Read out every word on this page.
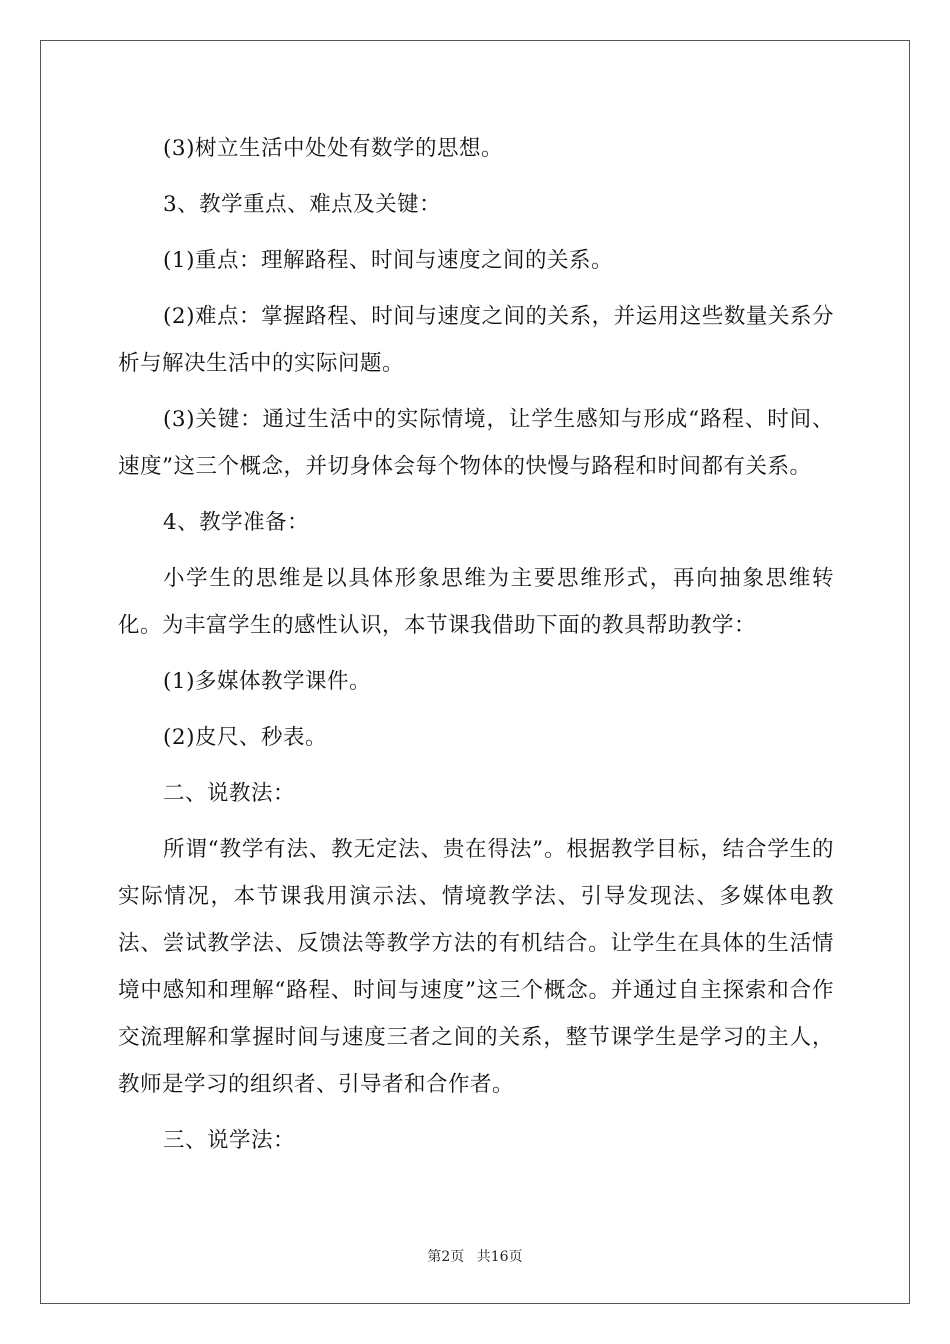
(3)树立生活中处处有数学的思想。

3、教学重点、难点及关键：

(1)重点：理解路程、时间与速度之间的关系。

(2)难点：掌握路程、时间与速度之间的关系，并运用这些数量关系分析与解决生活中的实际问题。

(3)关键：通过生活中的实际情境，让学生感知与形成“路程、时间、速度”这三个概念，并切身体会每个物体的快慢与路程和时间都有关系。

4、教学准备：

小学生的思维是以具体形象思维为主要思维形式，再向抽象思维转化。为丰富学生的感性认识，本节课我借助下面的教具帮助教学：

(1)多媒体教学课件。

(2)皮尺、秒表。

二、说教法：

所谓“教学有法、教无定法、贵在得法”。根据教学目标，结合学生的实际情况，本节课我用演示法、情境教学法、引导发现法、多媒体电教法、尝试教学法、反馈法等教学方法的有机结合。让学生在具体的生活情境中感知和理解“路程、时间与速度”这三个概念。并通过自主探索和合作交流理解和掌握时间与速度三者之间的关系，整节课学生是学习的主人，教师是学习的组织者、引导者和合作者。

三、说学法：

第2页 共16页
